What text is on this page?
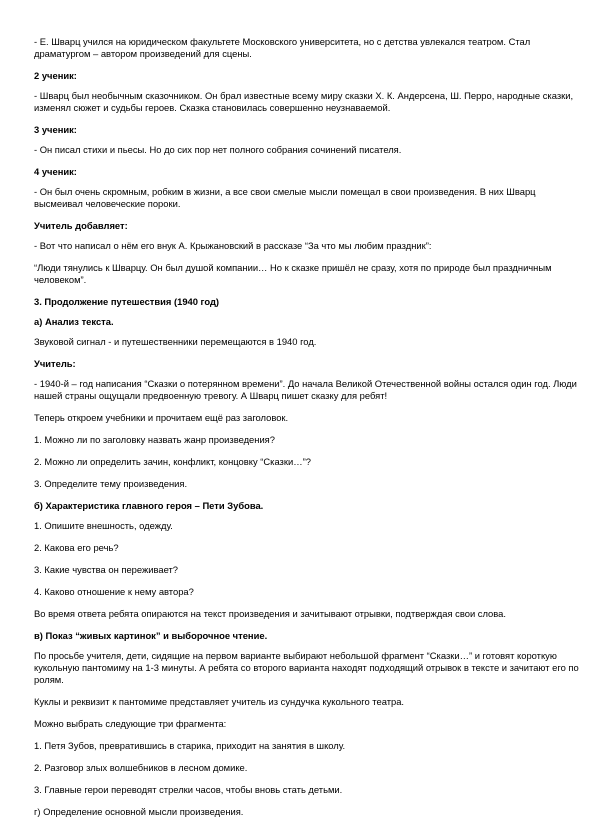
- Е. Шварц учился на юридическом факультете Московского университета, но с детства увлекался театром. Стал драматургом – автором произведений для сцены.

2 ученик:

- Шварц был необычным сказочником. Он брал известные всему миру сказки Х. К. Андерсена, Ш. Перро, народные сказки, изменял сюжет и судьбы героев. Сказка становилась совершенно неузнаваемой.

3 ученик:

- Он писал стихи и пьесы. Но до сих пор нет полного собрания сочинений писателя.

4 ученик:

- Он был очень скромным, робким в жизни, а все свои смелые мысли помещал в свои произведения. В них Шварц высмеивал человеческие пороки.

Учитель добавляет:

- Вот что написал о нём его внук А. Крыжановский в рассказе “За что мы любим праздник”:

“Люди тянулись к Шварцу. Он был душой компании… Но к сказке пришёл не сразу, хотя по природе был праздничным человеком”.

3. Продолжение путешествия (1940 год)

а) Анализ текста.

Звуковой сигнал - и путешественники перемещаются в 1940 год.

Учитель:

- 1940-й – год написания “Сказки о потерянном времени”. До начала Великой Отечественной войны остался один год. Люди нашей страны ощущали предвоенную тревогу. А Шварц пишет сказку для ребят!

Теперь откроем учебники и прочитаем ещё раз заголовок.

1. Можно ли по заголовку назвать жанр произведения?

2. Можно ли определить зачин, конфликт, концовку “Сказки…”?

3. Определите тему произведения.

б) Характеристика главного героя – Пети Зубова.

1. Опишите внешность, одежду.

2. Какова его речь?

3. Какие чувства он переживает?

4. Каково отношение к нему автора?

Во время ответа ребята опираются на текст произведения и зачитывают отрывки, подтверждая свои слова.

в) Показ “живых картинок” и выборочное чтение.

По просьбе учителя, дети, сидящие на первом варианте выбирают небольшой фрагмент “Сказки…” и готовят короткую кукольную пантомиму на 1-3 минуты. А ребята со второго варианта находят подходящий отрывок в тексте и зачитают его по ролям.

Куклы и реквизит к пантомиме представляет учитель из сундучка кукольного театра.

Можно выбрать следующие три фрагмента:

1. Петя Зубов, превратившись в старика, приходит на занятия в школу.

2. Разговор злых волшебников в лесном домике.

3. Главные герои переводят стрелки часов, чтобы вновь стать детьми.

г) Определение основной мысли произведения.
